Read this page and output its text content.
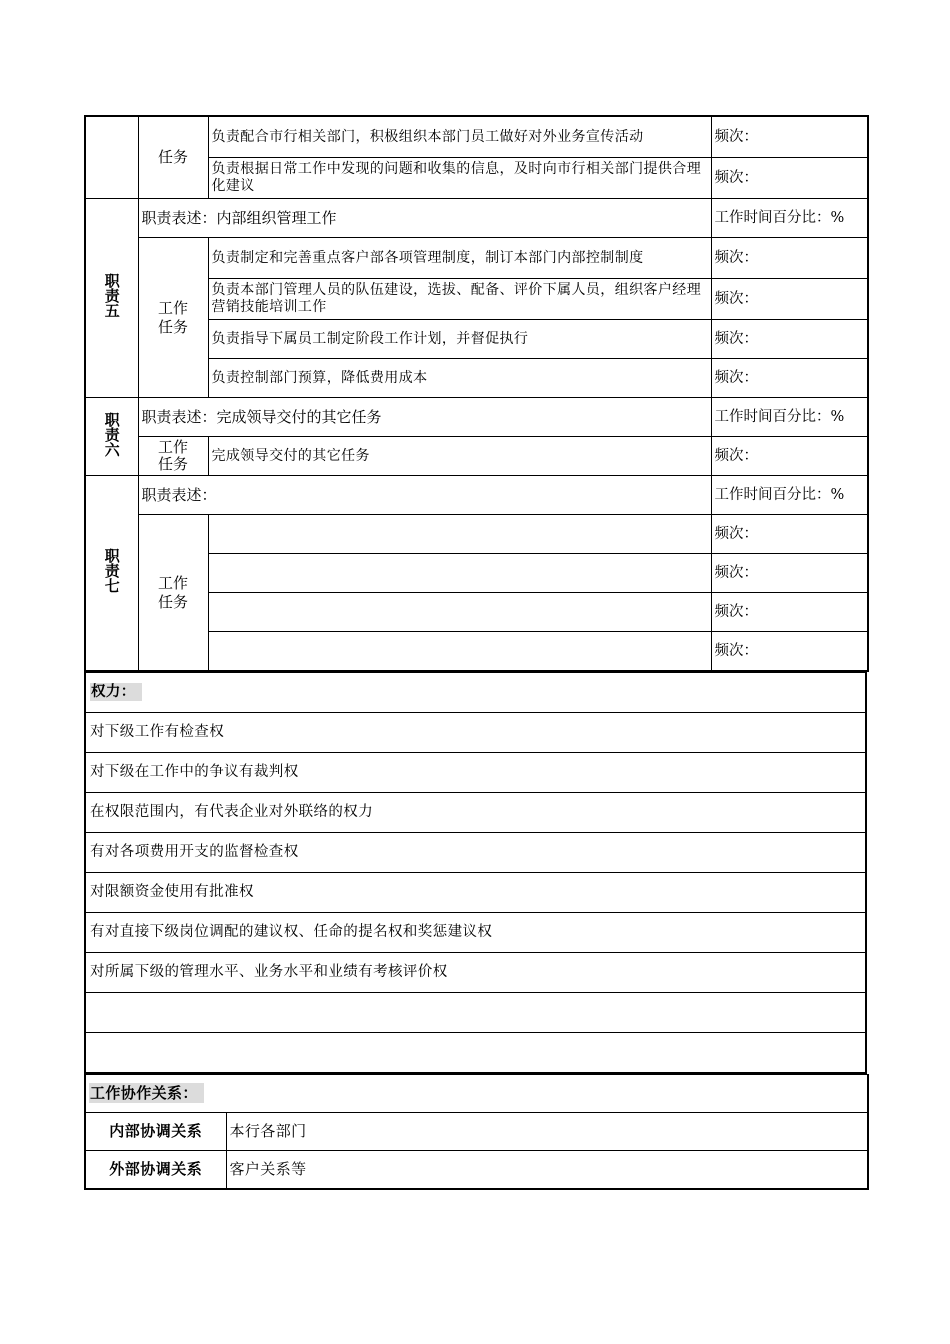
	任务	负责配合市行相关部门，积极组织本部门员工做好对外业务宣传活动	频次：
		负责根据日常工作中发现的问题和收集的信息，及时向市行相关部门提供合理化建议	频次：
职责五	职责表述：内部组织管理工作		工作时间百分比：%
	工作任务	负责制定和完善重点客户部各项管理制度，制订本部门内部控制制度	频次：
		负责本部门管理人员的队伍建设，选拔、配备、评价下属人员，组织客户经理营销技能培训工作	频次：
		负责指导下属员工制定阶段工作计划，并督促执行	频次：
		负责控制部门预算，降低费用成本	频次：
职责六	职责表述：完成领导交付的其它任务		工作时间百分比：%
	工作任务	完成领导交付的其它任务	频次：
职责七	职责表述：		工作时间百分比：%
	工作任务		频次：
			频次：
			频次：
			频次：
权力：
对下级工作有检查权
对下级在工作中的争议有裁判权
在权限范围内，有代表企业对外联络的权力
有对各项费用开支的监督检查权
对限额资金使用有批准权
有对直接下级岗位调配的建议权、任命的提名权和奖惩建议权
对所属下级的管理水平、业务水平和业绩有考核评价权

工作协作关系：	
内部协调关系	本行各部门
外部协调关系	客户关系等
